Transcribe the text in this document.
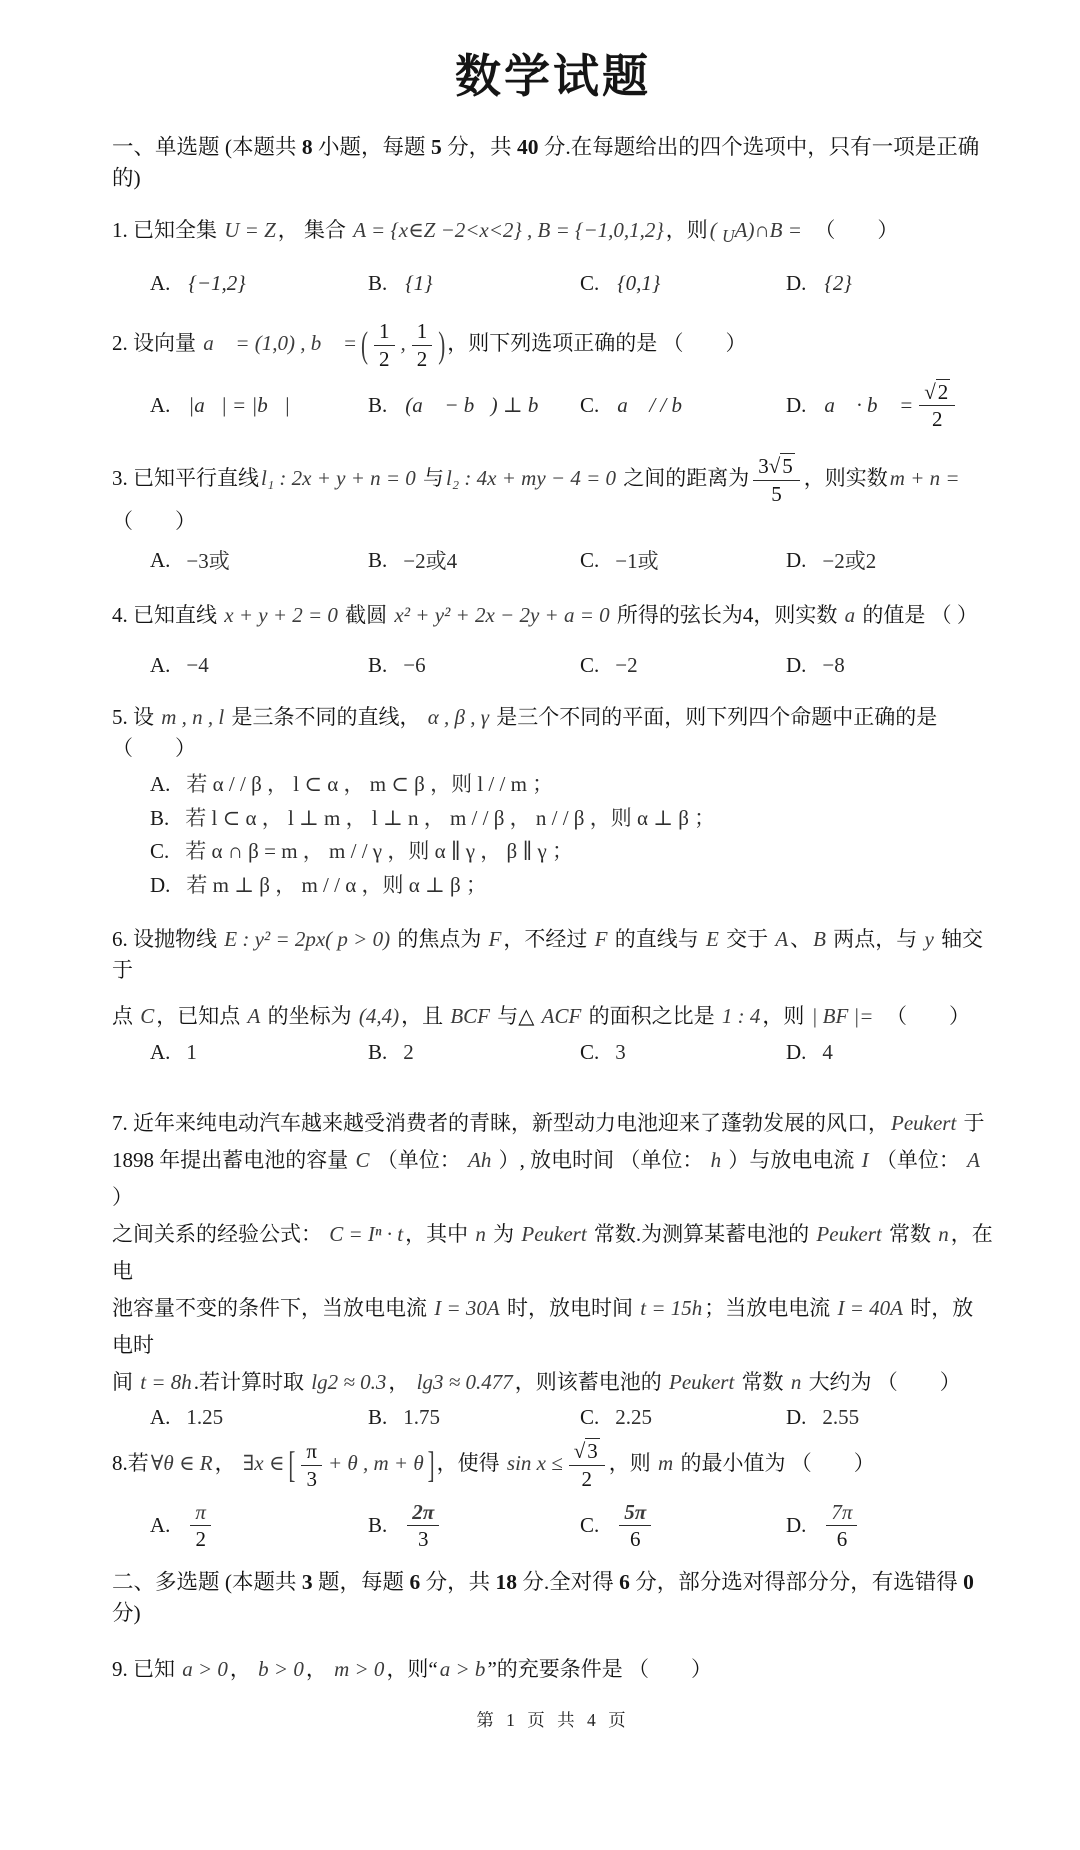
数学试题
一、单选题 (本题共 8 小题，每题 5 分，共 40 分.在每题给出的四个选项中，只有一项是正确的)
1. 已知全集 U = Z， 集合 A = {x∈Z −2<x<2} , B = {−1,0,1,2}，则( $_U$A)∩B =　（　　）
A. {−1,2}	B. {1}	C. {0,1}	D. {2}
2. 设向量 a⃗ = (1,0) , b⃗ = ( $\frac{1}{2}$ , $\frac{1}{2}$ )，则下列选项正确的是 （　　）
A. |a⃗| = |b⃗|	B. (a⃗ − b⃗) ⊥ b⃗ C. a⃗ / / b⃗	D. a⃗ · b⃗ = $\frac{√2}{2}$
3. 已知平行直线l₁ : 2x + y + n = 0 与l₂ : 4x + my − 4 = 0 之间的距离为 $\frac{3√5}{5}$ ，则实数m + n =　（　　）
A. −3或	B. −2或4	C. −1或	D. −2或2
4. 已知直线 x + y + 2 = 0 截圆 x² + y² + 2x − 2y + a = 0 所得的弦长为4，则实数 a 的值是 （ ）
A. −4	B. −6	C. −2	D. −8
5. 设 m , n , l 是三条不同的直线， α , β , γ 是三个不同的平面，则下列四个命题中正确的是 （　　）
A. 若 α / / β ， l ⊂ α ， m ⊂ β ，则 l / / m ；
B. 若 l ⊂ α ， l ⊥ m ， l ⊥ n ， m / / β ， n / / β ，则 α ⊥ β ；
C. 若 α ∩ β = m ， m / / γ ，则 α ∥ γ ， β ∥ γ ；
D. 若 m ⊥ β ， m / / α ，则 α ⊥ β ；
6. 设抛物线 E : y² = 2px( p > 0) 的焦点为 F，不经过 F 的直线与 E 交于 A、B 两点，与 y 轴交于
点 C，已知点 A 的坐标为 (4,4)，且 BCF 与△ ACF 的面积之比是 1 : 4，则 | BF |=　（　　）
A. 1	B. 2	C. 3	D. 4
7. 近年来纯电动汽车越来越受消费者的青睐，新型动力电池迎来了蓬勃发展的风口，Peukert 于
1898 年提出蓄电池的容量 C （单位： Ah ）, 放电时间 （单位： h ）与放电电流 I （单位： A ）
之间关系的经验公式： C = Iⁿ · t，其中 n 为 Peukert 常数.为测算某蓄电池的 Peukert 常数 n，在电
池容量不变的条件下，当放电电流 I = 30A 时，放电时间 t = 15h；当放电电流 I = 40A 时，放电时
间 t = 8h.若计算时取 lg2 ≈ 0.3， lg3 ≈ 0.477，则该蓄电池的 Peukert 常数 n 大约为 （　　）
A. 1.25	B. 1.75	C. 2.25	D. 2.55
8.若∀θ ∈ R， ∃x ∈ [ $\frac{\pi}{3} + \theta$ , m + θ ]，使得 $\sin x \le \frac{√3}{2}$ ，则 m 的最小值为 （　　）
A. $\frac{\pi}{2}$	B. $\frac{2\pi}{3}$	C. $\frac{5\pi}{6}$	D. $\frac{7\pi}{6}$
二、多选题 (本题共 3 题，每题 6 分，共 18 分.全对得 6 分，部分选对得部分分，有选错得 0 分)
9. 已知 a > 0， b > 0， m > 0，则“a > b”的充要条件是 （　　）
第 1 页 共 4 页
